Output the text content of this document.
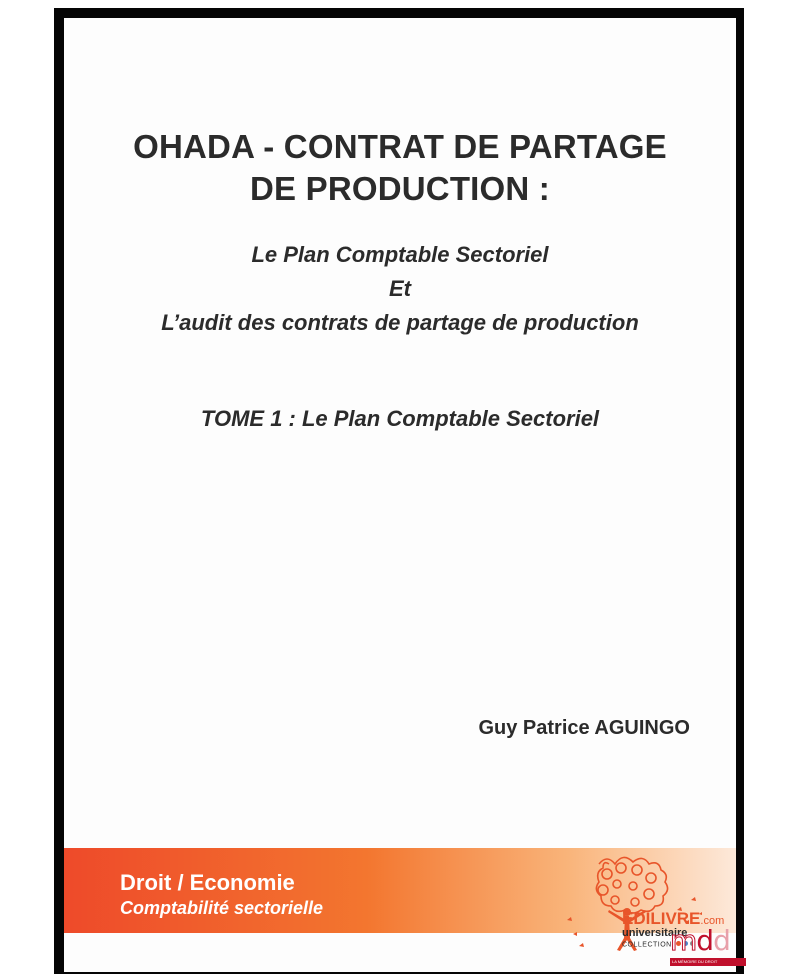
OHADA - CONTRAT DE PARTAGE
DE PRODUCTION :
Le Plan Comptable Sectoriel
Et
L’audit des contrats de partage de production
TOME 1 : Le Plan Comptable Sectoriel
Guy Patrice AGUINGO
Droit / Economie
Comptabilité sectorielle
EDILIVRE.com
universitaire
COLLECTION
mdd
LA MÉMOIRE DU DROIT
